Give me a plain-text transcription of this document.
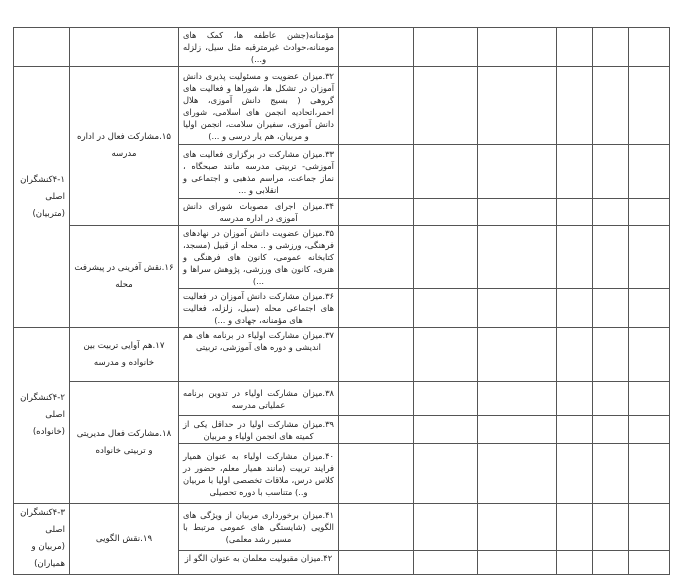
		مؤمنانه(جشن عاطفه ها، کمک های مومنانه،حوادث غیرمترقبه مثل سیل، زلزله و...)						
۴-۱کنشگران اصلی (متربیان)	۱۵.مشارکت فعال در اداره مدرسه	۳۲.میزان عضویت و مسئولیت پذیری دانش آموزان در تشکل ها، شوراها و فعالیت های گروهی ( بسیج دانش آموزی، هلال احمر،اتحادیه انجمن های اسلامی، شورای دانش آموزی، سفیران سلامت، انجمن اولیا و مربیان، هم یار درسی و ...)						
		۳۳.میزان مشارکت در برگزاری فعالیت های آموزشی- تربیتی مدرسه مانند صبحگاه ، نماز جماعت، مراسم مذهبی و اجتماعی و انقلابی و ...						
		۳۴.میزان اجرای مصوبات شورای دانش آموزی در اداره مدرسه						
	۱۶.نقش آفرینی در پیشرفت محله	۳۵.میزان عضویت دانش آموزان در نهادهای فرهنگی، ورزشی و .. محله از قبیل (مسجد، کتابخانه عمومی، کانون های فرهنگی و هنری، کانون های ورزشی، پژوهش سراها و ...)						
		۳۶.میزان مشارکت دانش آموزان در فعالیت های اجتماعی محله (سیل، زلزله، فعالیت های مؤمنانه، جهادی و ...)						
۴-۲کنشگران اصلی (خانواده)	۱۷.هم آوایی تربیت بین خانواده و مدرسه	۳۷.میزان مشارکت اولیاء در برنامه های هم اندیشی و دوره های آموزشی، تربیتی						
	۱۸.مشارکت فعال مدیریتی و تربیتی خانواده	۳۸.میزان مشارکت اولیاء در تدوین برنامه عملیاتی مدرسه						
		۳۹.میزان مشارکت اولیا در حداقل یکی از کمیته های انجمن اولیاء و مربیان						
		۴۰.میزان مشارکت اولیاء به عنوان همیار فرایند تربیت (مانند همیار معلم، حضور در کلاس درس، ملاقات تخصصی اولیا با مربیان و..) متناسب با دوره تحصیلی						
۴-۳کنشگران اصلی (مربیان و همیاران)	۱۹.نقش الگویی	۴۱.میزان برخورداری مربیان از ویژگی های الگویی (شایستگی های عمومی مرتبط با مسیر رشد معلمی)						
		۴۲.میزان مقبولیت معلمان به عنوان الگو از						
